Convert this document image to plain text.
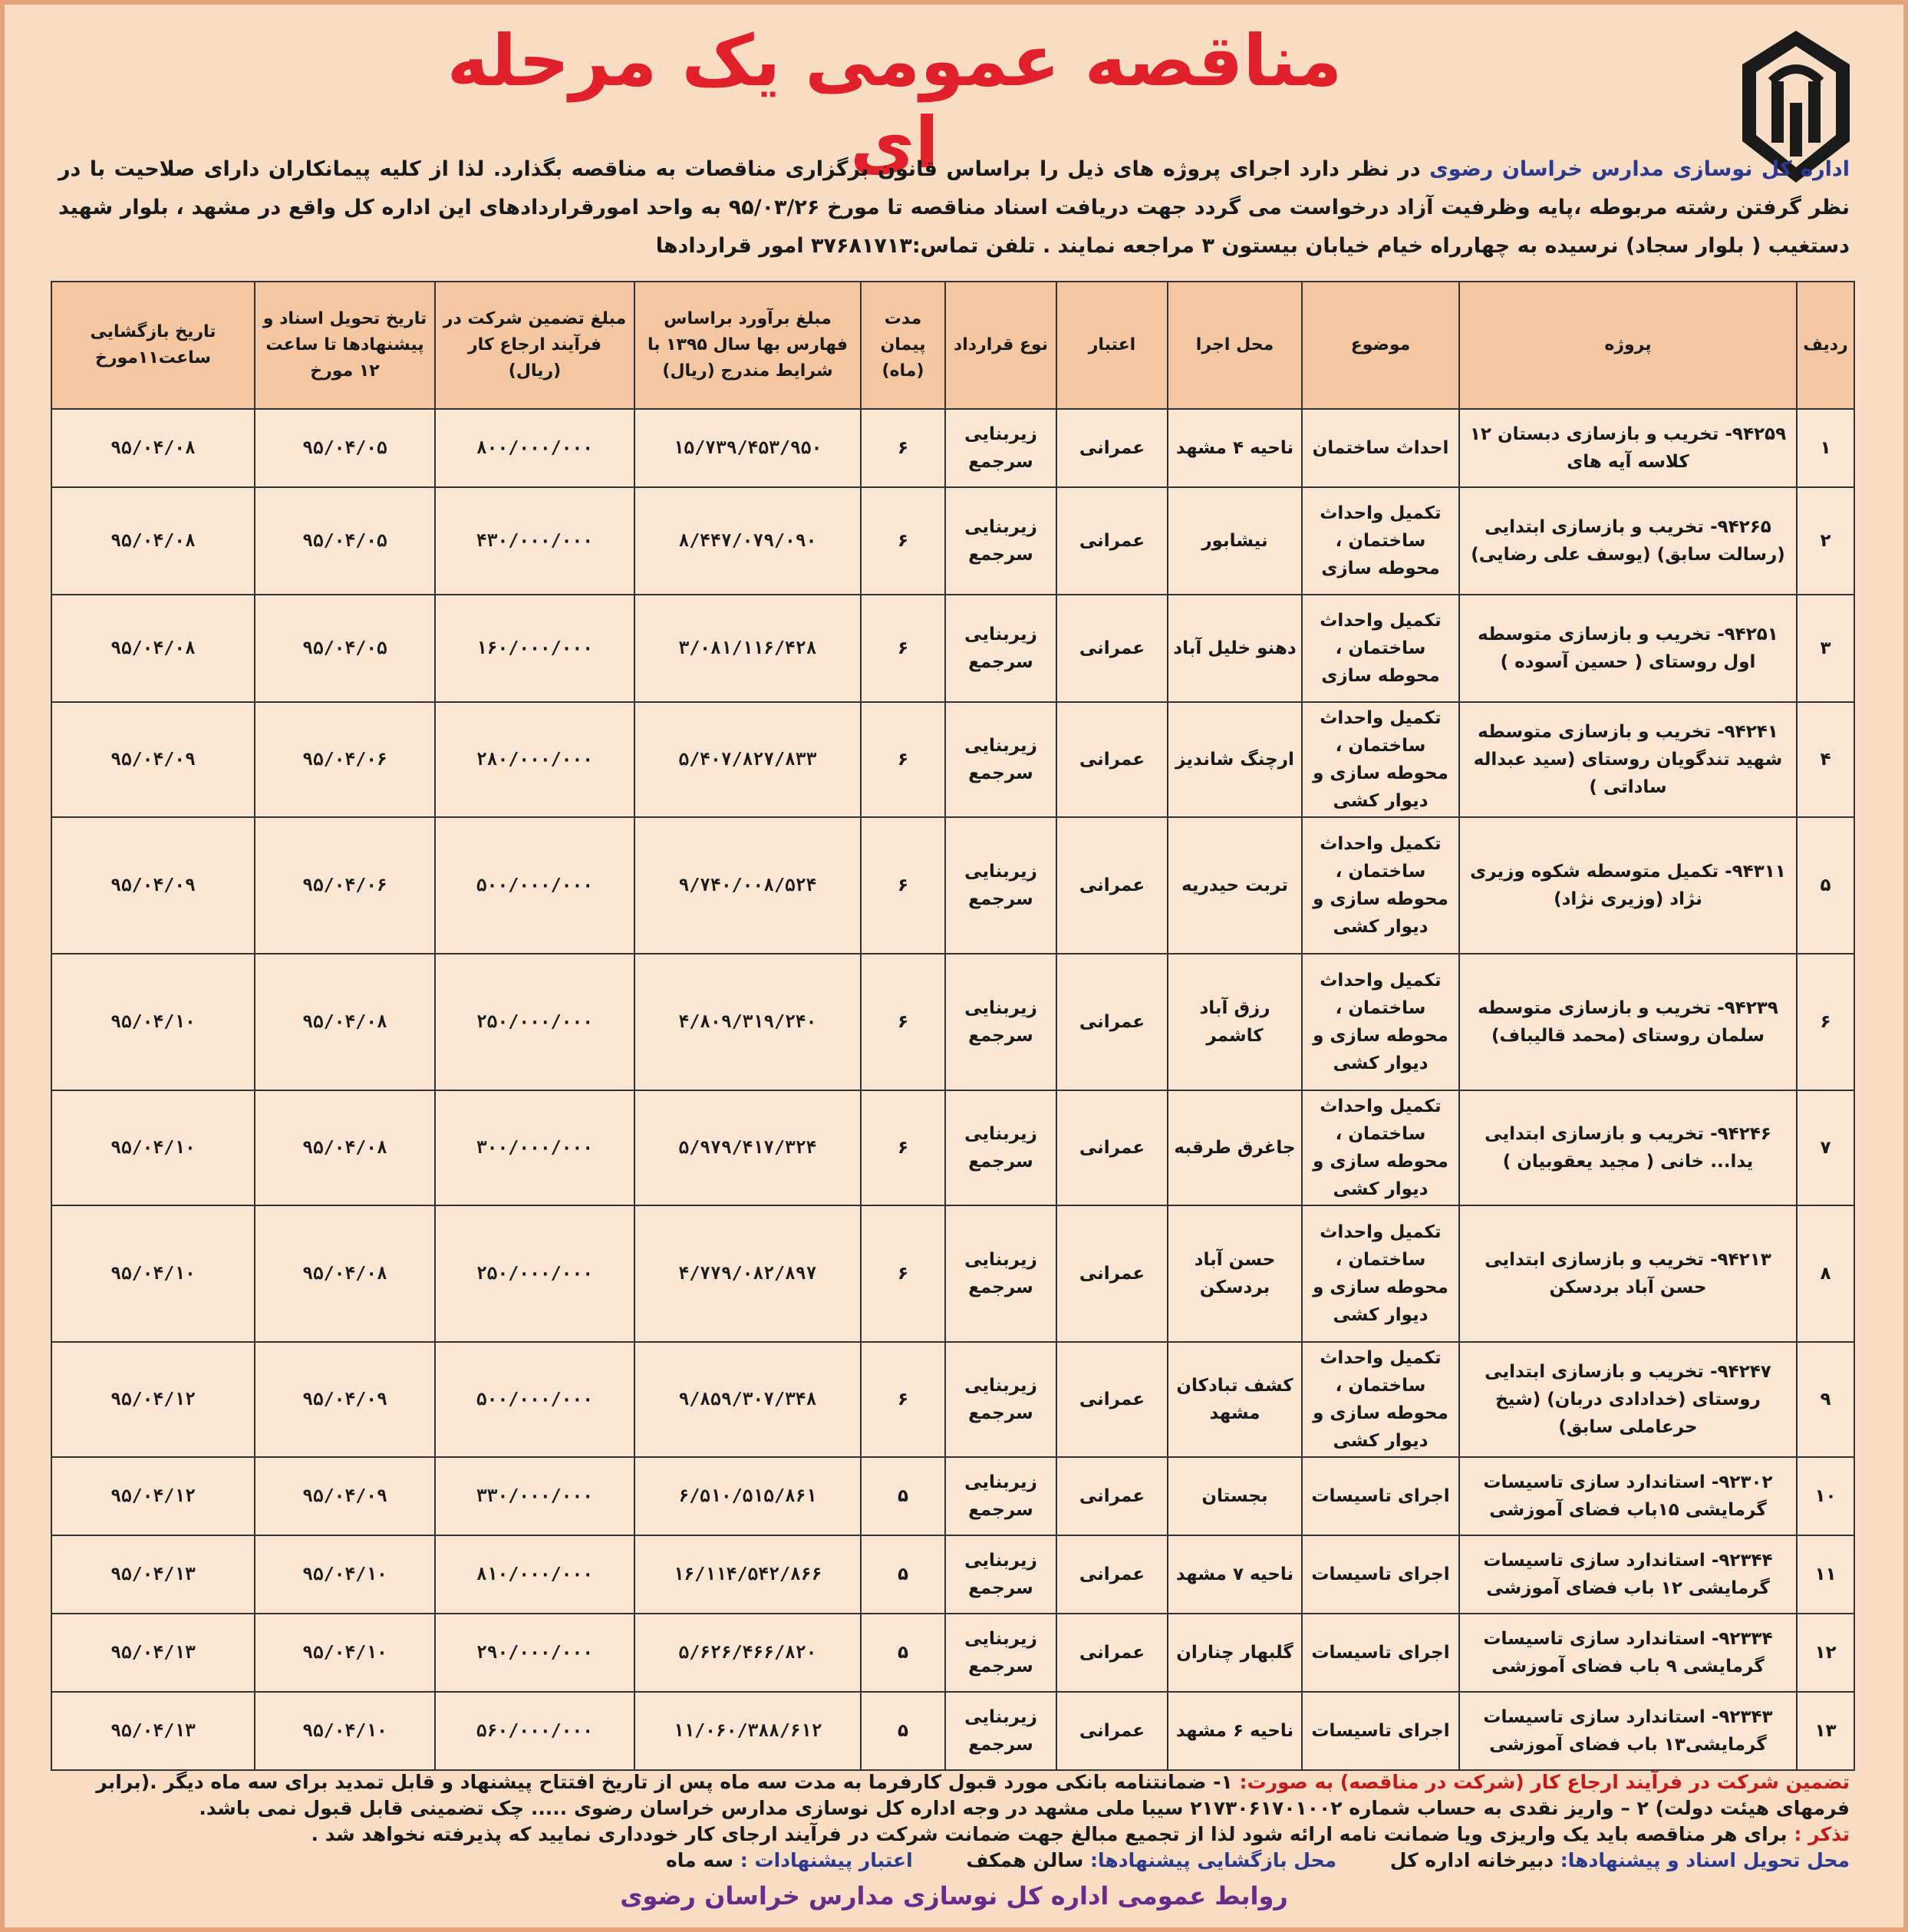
مناقصه عمومی یک مرحله ای	اداره کل نوسازی مدارس خراسان رضوی در نظر دارد اجرای پروژه های ذیل را براساس قانون برگزاری مناقصات به مناقصه بگذارد. لذا از کلیه پیمانکاران دارای صلاحیت با در نظر گرفتن رشته مربوطه ،پایه وظرفیت آزاد درخواست می گردد جهت دریافت اسناد مناقصه تا مورخ ۹۵/۰۳/۲۶ به واحد امورقراردادهای این اداره کل واقع در مشهد ، بلوار شهید دستغیب ( بلوار سجاد) نرسیده به چهارراه خیام خیابان بیستون ۳ مراجعه نمایند . تلفن تماس:۳۷۶۸۱۷۱۳ امور قراردادها
ردیف	پروژه	موضوع	محل اجرا	اعتبار	نوع قرارداد	مدت پیمان (ماه)	مبلغ برآورد براساس فهارس بها سال ۱۳۹۵ با شرایط مندرج (ریال)	مبلغ تضمین شرکت در فرآیند ارجاع کار (ریال)	تاریخ تحویل اسناد و پیشنهادها تا ساعت ۱۲ مورخ	تاریخ بازگشایی ساعت۱۱مورخ
۱	۹۴۲۵۹- تخریب و بازسازی دبستان ۱۲ کلاسه آیه های	احداث ساختمان	ناحیه ۴ مشهد	عمرانی	زیربنایی سرجمع	۶	۱۵/۷۳۹/۴۵۳/۹۵۰	۸۰۰/۰۰۰/۰۰۰	۹۵/۰۴/۰۵	۹۵/۰۴/۰۸
۲	۹۴۲۶۵- تخریب و بازسازی ابتدایی (رسالت سابق) (یوسف علی رضایی)	تکمیل واحداث ساختمان ، محوطه سازی	نیشابور	عمرانی	زیربنایی سرجمع	۶	۸/۴۴۷/۰۷۹/۰۹۰	۴۳۰/۰۰۰/۰۰۰	۹۵/۰۴/۰۵	۹۵/۰۴/۰۸
۳	۹۴۲۵۱- تخریب و بازسازی متوسطه اول روستای ( حسین آسوده )	تکمیل واحداث ساختمان ، محوطه سازی	دهنو خلیل آباد	عمرانی	زیربنایی سرجمع	۶	۳/۰۸۱/۱۱۶/۴۲۸	۱۶۰/۰۰۰/۰۰۰	۹۵/۰۴/۰۵	۹۵/۰۴/۰۸
۴	۹۴۲۴۱- تخریب و بازسازی متوسطه شهید تندگویان روستای (سید عبداله ساداتی )	تکمیل واحداث ساختمان ، محوطه سازی و دیوار کشی	ارچنگ شاندیز	عمرانی	زیربنایی سرجمع	۶	۵/۴۰۷/۸۲۷/۸۳۳	۲۸۰/۰۰۰/۰۰۰	۹۵/۰۴/۰۶	۹۵/۰۴/۰۹
۵	۹۴۳۱۱- تکمیل متوسطه شکوه وزیری نژاد (وزیری نژاد)	تکمیل واحداث ساختمان ، محوطه سازی و دیوار کشی	تربت حیدریه	عمرانی	زیربنایی سرجمع	۶	۹/۷۴۰/۰۰۸/۵۲۴	۵۰۰/۰۰۰/۰۰۰	۹۵/۰۴/۰۶	۹۵/۰۴/۰۹
۶	۹۴۲۳۹- تخریب و بازسازی متوسطه سلمان روستای (محمد قالیباف)	تکمیل واحداث ساختمان ، محوطه سازی و دیوار کشی	رزق آباد کاشمر	عمرانی	زیربنایی سرجمع	۶	۴/۸۰۹/۳۱۹/۲۴۰	۲۵۰/۰۰۰/۰۰۰	۹۵/۰۴/۰۸	۹۵/۰۴/۱۰
۷	۹۴۲۴۶- تخریب و بازسازی ابتدایی یدا... خانی ( مجید یعقوبیان )	تکمیل واحداث ساختمان ، محوطه سازی و دیوار کشی	جاغرق طرقبه	عمرانی	زیربنایی سرجمع	۶	۵/۹۷۹/۴۱۷/۳۲۴	۳۰۰/۰۰۰/۰۰۰	۹۵/۰۴/۰۸	۹۵/۰۴/۱۰
۸	۹۴۲۱۳- تخریب و بازسازی ابتدایی حسن آباد بردسکن	تکمیل واحداث ساختمان ، محوطه سازی و دیوار کشی	حسن آباد بردسکن	عمرانی	زیربنایی سرجمع	۶	۴/۷۷۹/۰۸۲/۸۹۷	۲۵۰/۰۰۰/۰۰۰	۹۵/۰۴/۰۸	۹۵/۰۴/۱۰
۹	۹۴۲۴۷- تخریب و بازسازی ابتدایی روستای (خدادادی دربان) (شیخ حرعاملی سابق)	تکمیل واحداث ساختمان ، محوطه سازی و دیوار کشی	کشف تبادکان مشهد	عمرانی	زیربنایی سرجمع	۶	۹/۸۵۹/۳۰۷/۳۴۸	۵۰۰/۰۰۰/۰۰۰	۹۵/۰۴/۰۹	۹۵/۰۴/۱۲
۱۰	۹۲۳۰۲- استاندارد سازی تاسیسات گرمایشی ۱۵باب فضای آموزشی	اجرای تاسیسات	بجستان	عمرانی	زیربنایی سرجمع	۵	۶/۵۱۰/۵۱۵/۸۶۱	۳۳۰/۰۰۰/۰۰۰	۹۵/۰۴/۰۹	۹۵/۰۴/۱۲
۱۱	۹۲۳۴۴- استاندارد سازی تاسیسات گرمایشی ۱۲ باب فضای آموزشی	اجرای تاسیسات	ناحیه ۷ مشهد	عمرانی	زیربنایی سرجمع	۵	۱۶/۱۱۴/۵۴۲/۸۶۶	۸۱۰/۰۰۰/۰۰۰	۹۵/۰۴/۱۰	۹۵/۰۴/۱۳
۱۲	۹۲۳۳۴- استاندارد سازی تاسیسات گرمایشی ۹ باب فضای آموزشی	اجرای تاسیسات	گلبهار چناران	عمرانی	زیربنایی سرجمع	۵	۵/۶۲۶/۴۶۶/۸۲۰	۲۹۰/۰۰۰/۰۰۰	۹۵/۰۴/۱۰	۹۵/۰۴/۱۳
۱۳	۹۲۳۴۳- استاندارد سازی تاسیسات گرمایشی۱۳ باب فضای آموزشی	اجرای تاسیسات	ناحیه ۶ مشهد	عمرانی	زیربنایی سرجمع	۵	۱۱/۰۶۰/۳۸۸/۶۱۲	۵۶۰/۰۰۰/۰۰۰	۹۵/۰۴/۱۰	۹۵/۰۴/۱۳

تضمین شرکت در فرآیند ارجاع کار (شرکت در مناقصه) به صورت: ۱- ضمانتنامه بانکی مورد قبول کارفرما به مدت سه ماه پس از تاریخ افتتاح پیشنهاد و قابل تمدید برای سه ماه دیگر .(برابر فرمهای هیئت دولت) ۲ – واریز نقدی به حساب شماره ۲۱۷۳۰۶۱۷۰۱۰۰۲ سیبا ملی مشهد در وجه اداره کل نوسازی مدارس خراسان رضوی ..... چک تضمینی قابل قبول نمی باشد.

تذکر : برای هر مناقصه باید یک واریزی ویا ضمانت نامه ارائه شود لذا از تجمیع مبالغ جهت ضمانت شرکت در فرآیند ارجای کار خودداری نمایید که پذیرفته نخواهد شد .

محل تحویل اسناد و پیشنهادها: دبیرخانه اداره کل        محل بازگشایی پیشنهادها: سالن همکف        اعتبار پیشنهادات : سه ماه

روابط عمومی اداره کل نوسازی مدارس خراسان رضوی
